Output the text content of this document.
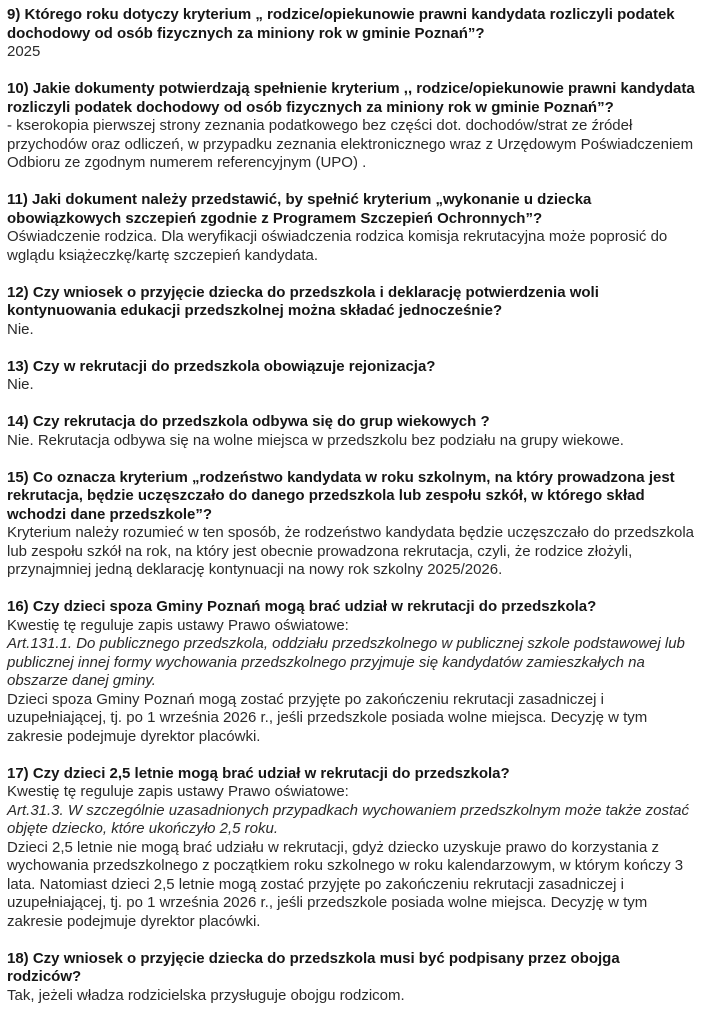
9) Którego roku dotyczy kryterium „ rodzice/opiekunowie prawni kandydata rozliczyli podatek dochodowy od osób fizycznych za miniony rok w gminie Poznań”?

2025

10) Jakie dokumenty potwierdzają spełnienie kryterium ,, rodzice/opiekunowie prawni kandydata rozliczyli podatek dochodowy od osób fizycznych za miniony rok w gminie Poznań”?

- kserokopia pierwszej strony zeznania podatkowego bez części dot. dochodów/strat ze źródeł przychodów oraz odliczeń, w przypadku zeznania elektronicznego wraz z Urzędowym Poświadczeniem Odbioru ze zgodnym numerem referencyjnym (UPO) .

11) Jaki dokument należy przedstawić, by spełnić kryterium „wykonanie u dziecka obowiązkowych szczepień zgodnie z Programem Szczepień Ochronnych”?

Oświadczenie rodzica. Dla weryfikacji oświadczenia rodzica komisja rekrutacyjna może poprosić do wglądu książeczkę/kartę szczepień kandydata.

12) Czy wniosek o przyjęcie dziecka do przedszkola i deklarację potwierdzenia woli kontynuowania edukacji przedszkolnej można składać jednocześnie?

Nie.

13) Czy w rekrutacji do przedszkola obowiązuje rejonizacja?

Nie.

14) Czy rekrutacja do przedszkola odbywa się do grup wiekowych ?

Nie. Rekrutacja odbywa się na wolne miejsca w przedszkolu bez podziału na grupy wiekowe.

15) Co oznacza kryterium „rodzeństwo kandydata w roku szkolnym, na który prowadzona jest rekrutacja, będzie uczęszczało do danego przedszkola lub zespołu szkół, w którego skład wchodzi dane przedszkole”?

Kryterium należy rozumieć w ten sposób, że rodzeństwo kandydata będzie uczęszczało do przedszkola lub zespołu szkół na rok, na który jest obecnie prowadzona rekrutacja, czyli, że rodzice złożyli, przynajmniej jedną deklarację kontynuacji na nowy rok szkolny 2025/2026.

16) Czy dzieci spoza Gminy Poznań mogą brać udział w rekrutacji do przedszkola?

Kwestię tę reguluje zapis ustawy Prawo oświatowe:

Art.131.1. Do publicznego przedszkola, oddziału przedszkolnego w publicznej szkole podstawowej lub publicznej innej formy wychowania przedszkolnego przyjmuje się kandydatów zamieszkałych na obszarze danej gminy.

Dzieci spoza Gminy Poznań mogą zostać przyjęte po zakończeniu rekrutacji zasadniczej i uzupełniającej, tj. po 1 września 2026 r., jeśli przedszkole posiada wolne miejsca. Decyzję w tym zakresie podejmuje dyrektor placówki.

17) Czy dzieci 2,5 letnie mogą brać udział w rekrutacji do przedszkola?

Kwestię tę reguluje zapis ustawy Prawo oświatowe:

Art.31.3. W szczególnie uzasadnionych przypadkach wychowaniem przedszkolnym może także zostać objęte dziecko, które ukończyło 2,5 roku.

Dzieci 2,5 letnie nie mogą brać udziału w rekrutacji, gdyż dziecko uzyskuje prawo do korzystania z wychowania przedszkolnego z początkiem roku szkolnego w roku kalendarzowym, w którym kończy 3 lata. Natomiast dzieci 2,5 letnie mogą zostać przyjęte po zakończeniu rekrutacji zasadniczej i uzupełniającej, tj. po 1 września 2026 r., jeśli przedszkole posiada wolne miejsca. Decyzję w tym zakresie podejmuje dyrektor placówki.

18) Czy wniosek o przyjęcie dziecka do przedszkola musi być podpisany przez obojga rodziców?

Tak, jeżeli władza rodzicielska przysługuje obojgu rodzicom.
